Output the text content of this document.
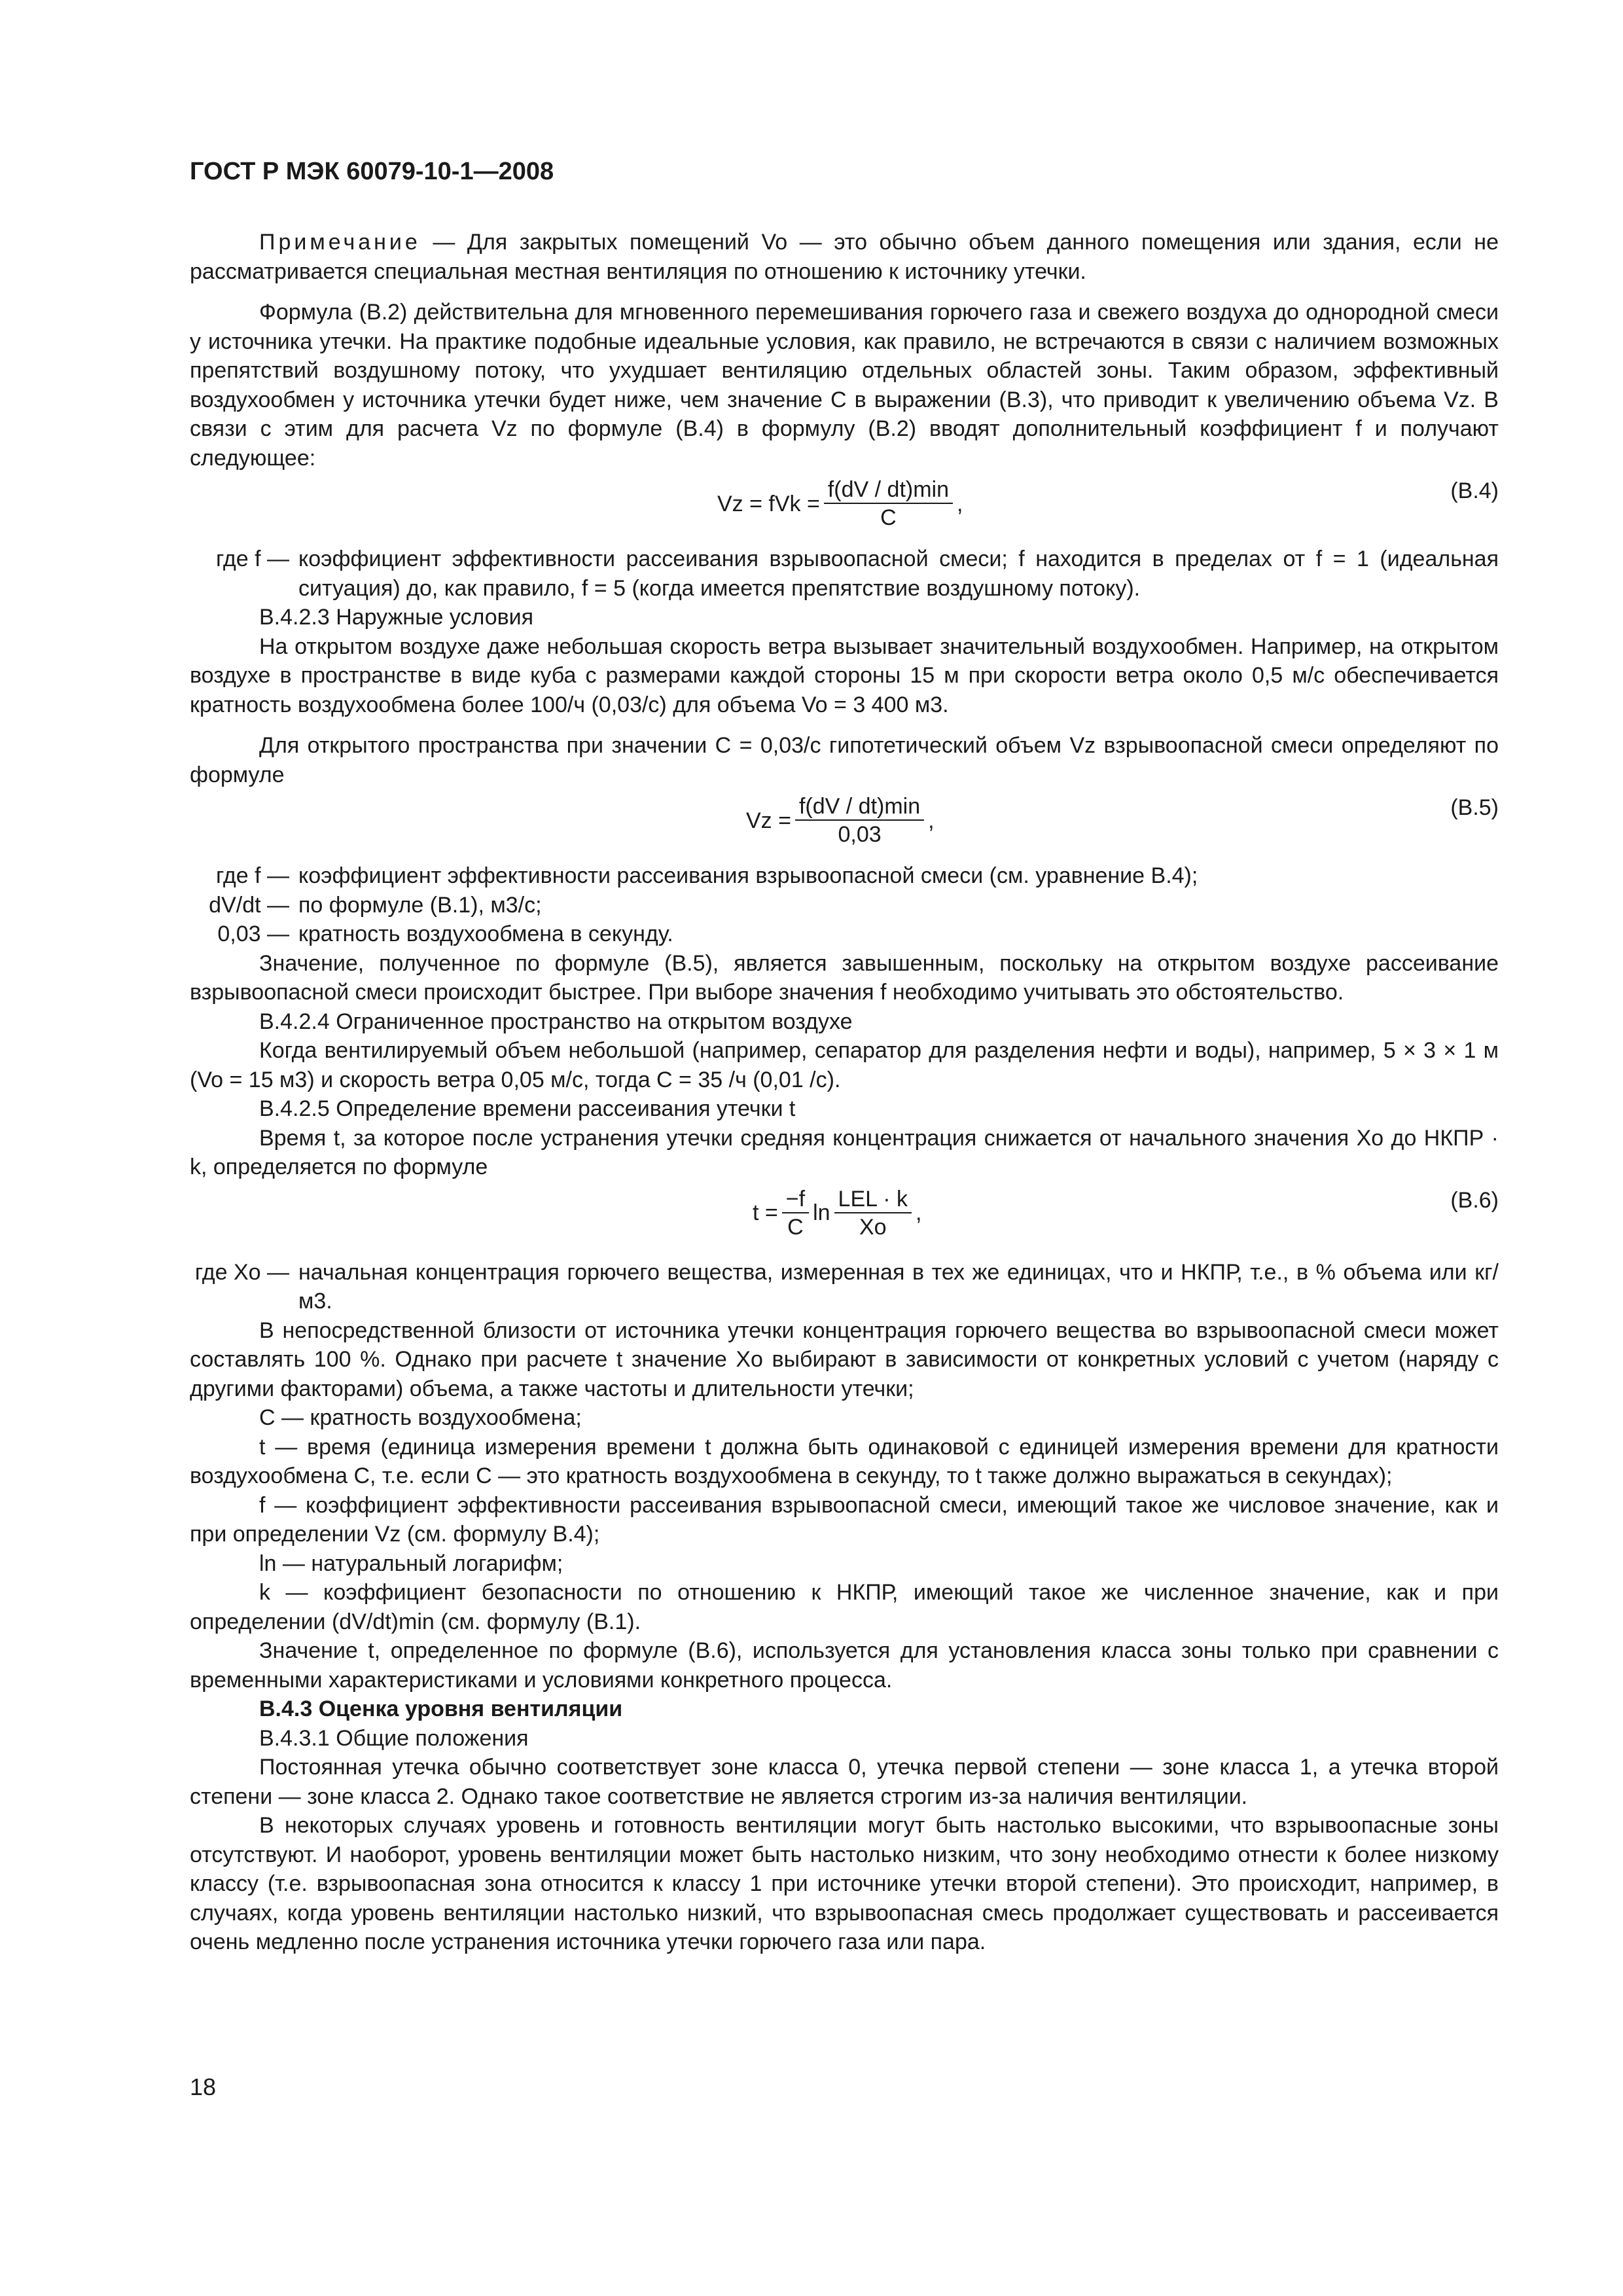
ГОСТ Р МЭК 60079-10-1—2008

Примечание — Для закрытых помещений Vo — это обычно объем данного помещения или здания, если не рассматривается специальная местная вентиляция по отношению к источнику утечки.

Формула (В.2) действительна для мгновенного перемешивания горючего газа и свежего воздуха до однородной смеси у источника утечки. На практике подобные идеальные условия, как правило, не встречаются в связи с наличием возможных препятствий воздушному потоку, что ухудшает вентиляцию отдельных областей зоны. Таким образом, эффективный воздухообмен у источника утечки будет ниже, чем значение C в выражении (В.3), что приводит к увеличению объема Vz. В связи с этим для расчета Vz по формуле (В.4) в формулу (В.2) вводят дополнительный коэффициент f и получают следующее:

Vz = fVk = $\frac{f(dV / dt)\min}{C}$ ,
(В.4)
где f — коэффициент эффективности рассеивания взрывоопасной смеси; f находится в пределах от f = 1 (идеальная ситуация) до, как правило, f = 5 (когда имеется препятствие воздушному потоку).

В.4.2.3 Наружные условия

На открытом воздухе даже небольшая скорость ветра вызывает значительный воздухообмен. Например, на открытом воздухе в пространстве в виде куба с размерами каждой стороны 15 м при скорости ветра около 0,5 м/с обеспечивается кратность воздухообмена более 100/ч (0,03/с) для объема Vo = 3 400 м3.

Для открытого пространства при значении C = 0,03/с гипотетический объем Vz взрывоопасной смеси определяют по формуле

$Vz = \frac{f(dV / dt)\min}{0,03}$ ,
(В.5)
где f — коэффициент эффективности рассеивания взрывоопасной смеси (см. уравнение В.4);
dV/dt — по формуле (В.1), м3/с;
0,03 — кратность воздухообмена в секунду.

Значение, полученное по формуле (В.5), является завышенным, поскольку на открытом воздухе рассеивание взрывоопасной смеси происходит быстрее. При выборе значения f необходимо учитывать это обстоятельство.

В.4.2.4 Ограниченное пространство на открытом воздухе

Когда вентилируемый объем небольшой (например, сепаратор для разделения нефти и воды), например, 5 × 3 × 1 м (Vo = 15 м3) и скорость ветра 0,05 м/с, тогда C = 35 /ч (0,01 /с).

В.4.2.5 Определение времени рассеивания утечки t

Время t, за которое после устранения утечки средняя концентрация снижается от начального значения Xo до НКПР · k, определяется по формуле

$t = \frac{-f}{C}$ $\ln \frac{\text{LEL · k}}{Xo}$ ,
(В.6)
где Xo — начальная концентрация горючего вещества, измеренная в тех же единицах, что и НКПР, т.е., в % объема или кг/м3.

В непосредственной близости от источника утечки концентрация горючего вещества во взрывоопасной смеси может составлять 100 %. Однако при расчете t значение Xo выбирают в зависимости от конкретных условий с учетом (наряду с другими факторами) объема, а также частоты и длительности утечки;

C — кратность воздухообмена;

t — время (единица измерения времени t должна быть одинаковой с единицей измерения времени для кратности воздухообмена C, т.е. если C — это кратность воздухообмена в секунду, то t также должно выражаться в секундах);

f — коэффициент эффективности рассеивания взрывоопасной смеси, имеющий такое же числовое значение, как и при определении Vz (см. формулу В.4);

ln — натуральный логарифм;

k — коэффициент безопасности по отношению к НКПР, имеющий такое же численное значение, как и при определении (dV/dt)min (см. формулу (В.1).

Значение t, определенное по формуле (В.6), используется для установления класса зоны только при сравнении с временными характеристиками и условиями конкретного процесса.

В.4.3 Оценка уровня вентиляции

В.4.3.1 Общие положения

Постоянная утечка обычно соответствует зоне класса 0, утечка первой степени — зоне класса 1, а утечка второй степени — зоне класса 2. Однако такое соответствие не является строгим из-за наличия вентиляции.

В некоторых случаях уровень и готовность вентиляции могут быть настолько высокими, что взрывоопасные зоны отсутствуют. И наоборот, уровень вентиляции может быть настолько низким, что зону необходимо отнести к более низкому классу (т.е. взрывоопасная зона относится к классу 1 при источнике утечки второй степени). Это происходит, например, в случаях, когда уровень вентиляции настолько низкий, что взрывоопасная смесь продолжает существовать и рассеивается очень медленно после устранения источника утечки горючего газа или пара.

18
